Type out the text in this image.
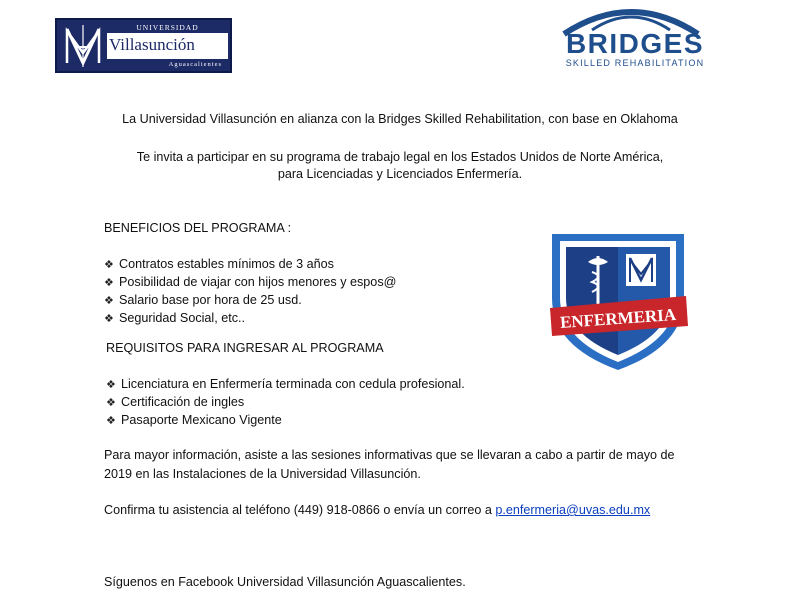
UNIVERSIDAD
Villasunción
Aguascalientes
BRIDGES
SKILLED REHABILITATION
La Universidad Villasunción en alianza con la Bridges Skilled Rehabilitation, con base en Oklahoma
Te invita a participar en su programa de trabajo legal en los Estados Unidos de Norte América,
para Licenciadas y Licenciados Enfermería.
BENEFICIOS DEL PROGRAMA :
❖ Contratos estables mínimos de 3 años
❖ Posibilidad de viajar con hijos menores y espos@
❖ Salario base por hora de 25 usd.
❖ Seguridad Social, etc..
REQUISITOS PARA INGRESAR AL PROGRAMA
❖ Licenciatura en Enfermería terminada con cedula profesional.
❖ Certificación de ingles
❖ Pasaporte Mexicano Vigente
Para mayor información, asiste a las sesiones informativas que se llevaran a cabo a partir de mayo de
2019 en las Instalaciones de la Universidad Villasunción.
Confirma tu asistencia al teléfono (449) 918-0866 o envía un correo a p.enfermeria@uvas.edu.mx
Síguenos en Facebook Universidad Villasunción Aguascalientes.
ENFERMERIA
